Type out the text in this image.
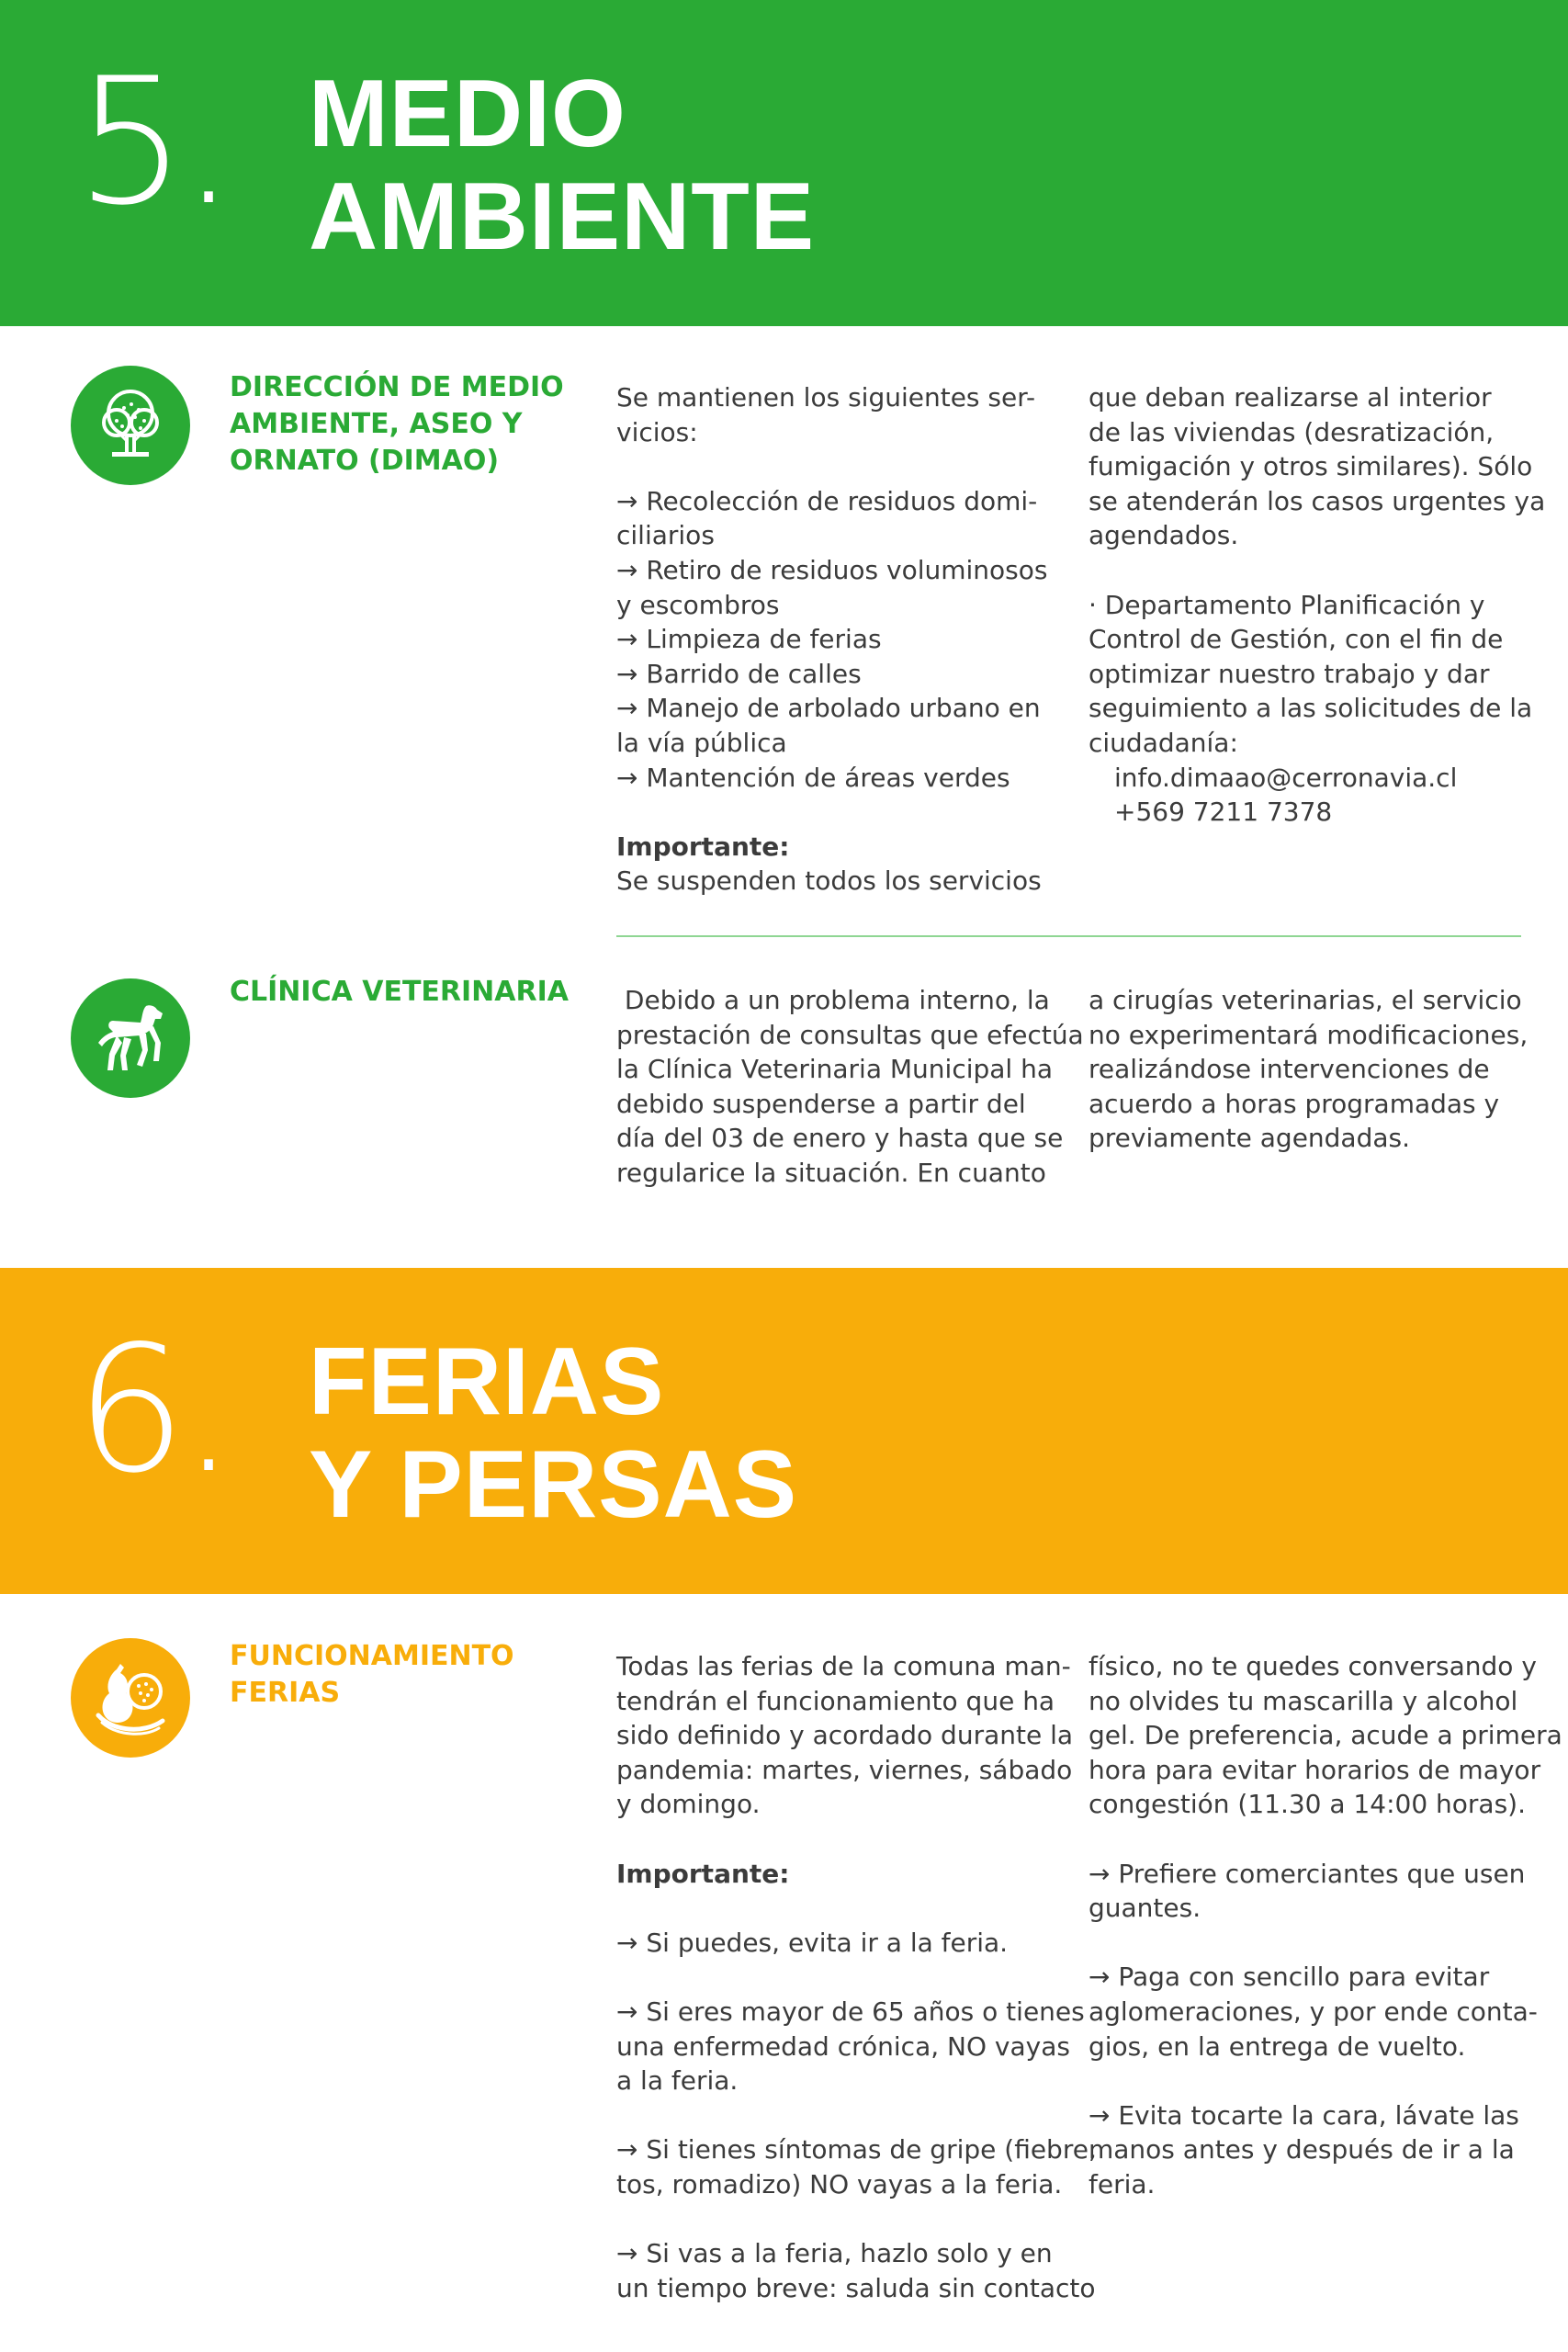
5. MEDIO
AMBIENTE
DIRECCIÓN DE MEDIO
AMBIENTE, ASEO Y
ORNATO (DIMAO)
Se mantienen los siguientes ser-
vicios:
→ Recolección de residuos domi-
ciliarios
→ Retiro de residuos voluminosos
y escombros
→ Limpieza de ferias
→ Barrido de calles
→ Manejo de arbolado urbano en
la vía pública
→ Mantención de áreas verdes
Importante:
Se suspenden todos los servicios
que deban realizarse al interior
de las viviendas (desratización,
fumigación y otros similares). Sólo
se atenderán los casos urgentes ya
agendados.
· Departamento Planificación y
Control de Gestión, con el fin de
optimizar nuestro trabajo y dar
seguimiento a las solicitudes de la
ciudadanía:
info.dimaao@cerronavia.cl
+569 7211 7378
CLÍNICA VETERINARIA Debido a un problema interno, la
prestación de consultas que efectúa
la Clínica Veterinaria Municipal ha
debido suspenderse a partir del
día del 03 de enero y hasta que se
regularice la situación. En cuanto
a cirugías veterinarias, el servicio
no experimentará modificaciones,
realizándose intervenciones de
acuerdo a horas programadas y
previamente agendadas.
6. FERIAS
Y PERSAS
FUNCIONAMIENTO
FERIAS
Todas las ferias de la comuna man-
tendrán el funcionamiento que ha
sido definido y acordado durante la
pandemia: martes, viernes, sábado
y domingo.
Importante:
→ Si puedes, evita ir a la feria.
→ Si eres mayor de 65 años o tienes
una enfermedad crónica, NO vayas
a la feria.
→ Si tienes síntomas de gripe (fiebre,
tos, romadizo) NO vayas a la feria.
→ Si vas a la feria, hazlo solo y en
un tiempo breve: saluda sin contacto
físico, no te quedes conversando y
no olvides tu mascarilla y alcohol
gel. De preferencia, acude a primera
hora para evitar horarios de mayor
congestión (11.30 a 14:00 horas).
→ Prefiere comerciantes que usen
guantes.
→ Paga con sencillo para evitar
aglomeraciones, y por ende conta-
gios, en la entrega de vuelto.
→ Evita tocarte la cara, lávate las
manos antes y después de ir a la
feria.
